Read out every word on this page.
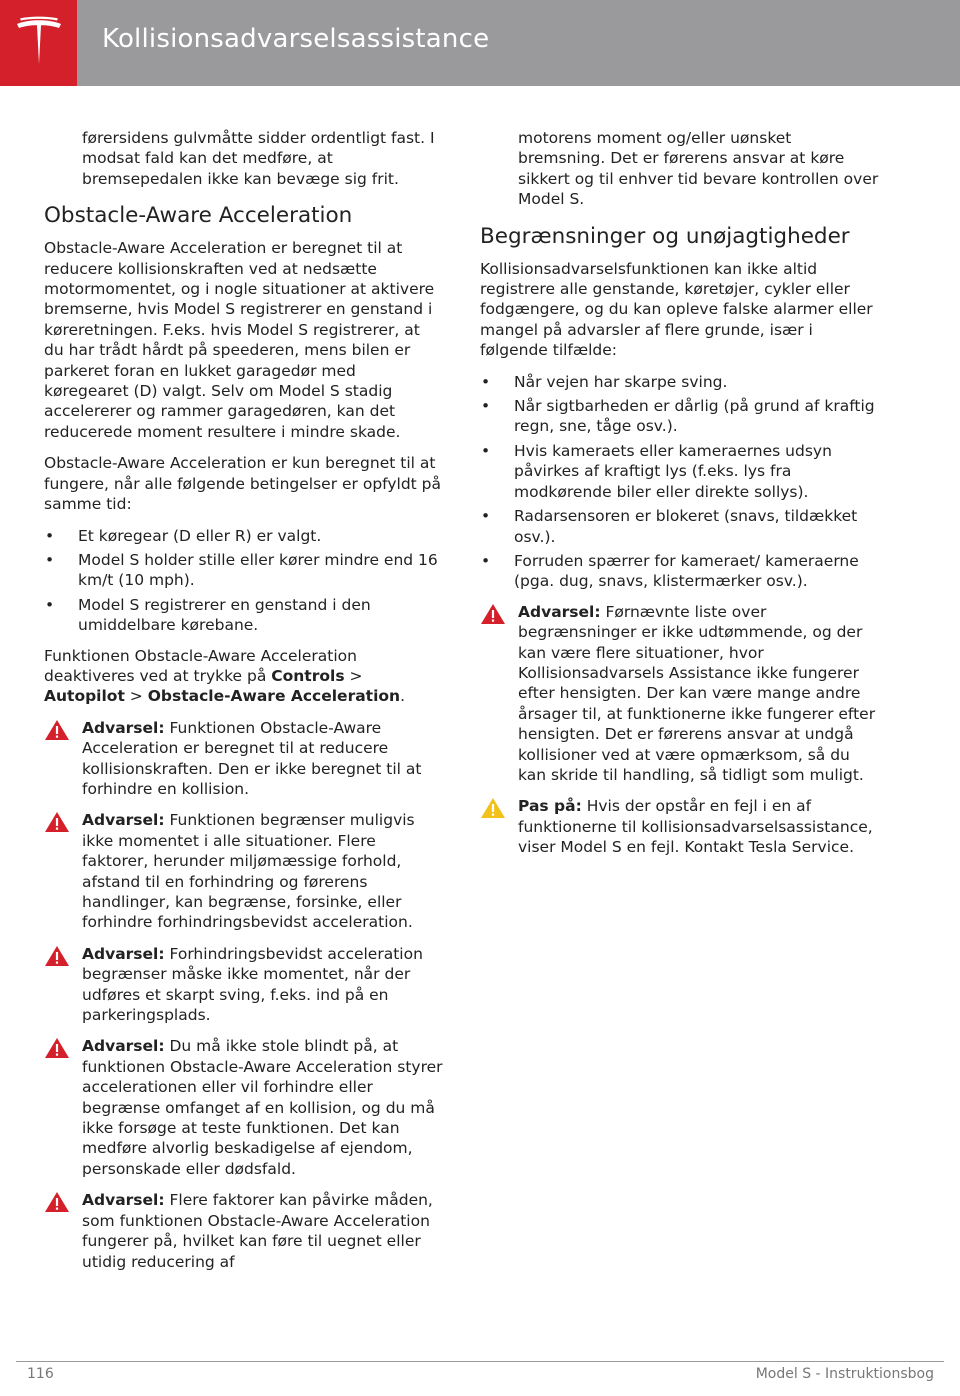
Kollisionsadvarselsassistance

førersidens gulvmåtte sidder ordentligt fast. I modsat fald kan det medføre, at bremsepedalen ikke kan bevæge sig frit.

Obstacle-Aware Acceleration

Obstacle-Aware Acceleration er beregnet til at reducere kollisionskraften ved at nedsætte motormomentet, og i nogle situationer at aktivere bremserne, hvis Model S registrerer en genstand i køreretningen. F.eks. hvis Model S registrerer, at du har trådt hårdt på speederen, mens bilen er parkeret foran en lukket garagedør med køregearet (D) valgt. Selv om Model S stadig accelererer og rammer garagedøren, kan det reducerede moment resultere i mindre skade.

Obstacle-Aware Acceleration er kun beregnet til at fungere, når alle følgende betingelser er opfyldt på samme tid:

• Et køregear (D eller R) er valgt.
• Model S holder stille eller kører mindre end 16 km/t (10 mph).
• Model S registrerer en genstand i den umiddelbare kørebane.

Funktionen Obstacle-Aware Acceleration deaktiveres ved at trykke på Controls > Autopilot > Obstacle-Aware Acceleration.

Advarsel: Funktionen Obstacle-Aware Acceleration er beregnet til at reducere kollisionskraften. Den er ikke beregnet til at forhindre en kollision.
Advarsel: Funktionen begrænser muligvis ikke momentet i alle situationer. Flere faktorer, herunder miljømæssige forhold, afstand til en forhindring og førerens handlinger, kan begrænse, forsinke, eller forhindre forhindringsbevidst acceleration.
Advarsel: Forhindringsbevidst acceleration begrænser måske ikke momentet, når der udføres et skarpt sving, f.eks. ind på en parkeringsplads.
Advarsel: Du må ikke stole blindt på, at funktionen Obstacle-Aware Acceleration styrer accelerationen eller vil forhindre eller begrænse omfanget af en kollision, og du må ikke forsøge at teste funktionen. Det kan medføre alvorlig beskadigelse af ejendom, personskade eller dødsfald.
Advarsel: Flere faktorer kan påvirke måden, som funktionen Obstacle-Aware Acceleration fungerer på, hvilket kan føre til uegnet eller utidig reducering af

motorens moment og/eller uønsket bremsning. Det er førerens ansvar at køre sikkert og til enhver tid bevare kontrollen over Model S.

Begrænsninger og unøjagtigheder

Kollisionsadvarselsfunktionen kan ikke altid registrere alle genstande, køretøjer, cykler eller fodgængere, og du kan opleve falske alarmer eller mangel på advarsler af flere grunde, især i følgende tilfælde:

• Når vejen har skarpe sving.
• Når sigtbarheden er dårlig (på grund af kraftig regn, sne, tåge osv.).
• Hvis kameraets eller kameraernes udsyn påvirkes af kraftigt lys (f.eks. lys fra modkørende biler eller direkte sollys).
• Radarsensoren er blokeret (snavs, tildækket osv.).
• Forruden spærrer for kameraet/ kameraerne (pga. dug, snavs, klistermærker osv.).
Advarsel: Førnævnte liste over begrænsninger er ikke udtømmende, og der kan være flere situationer, hvor Kollisionsadvarsels Assistance ikke fungerer efter hensigten. Der kan være mange andre årsager til, at funktionerne ikke fungerer efter hensigten. Det er førerens ansvar at undgå kollisioner ved at være opmærksom, så du kan skride til handling, så tidligt som muligt.
Pas på: Hvis der opstår en fejl i en af funktionerne til kollisionsadvarselsassistance, viser Model S en fejl. Kontakt Tesla Service.
116	Model S - Instruktionsbog
